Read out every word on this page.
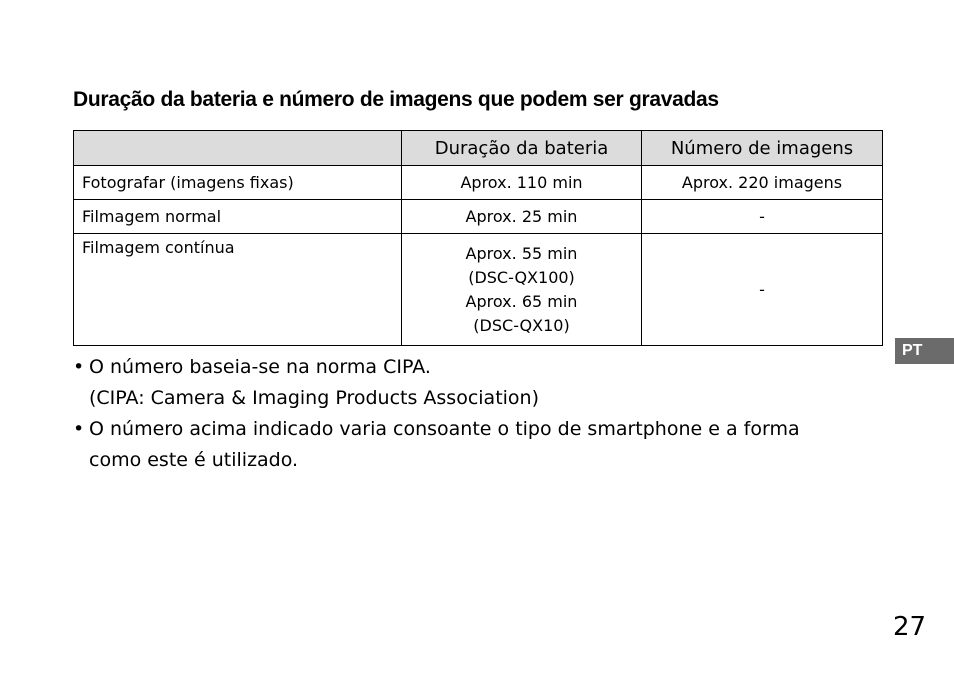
Duração da bateria e número de imagens que podem ser gravadas
	Duração da bateria	Número de imagens
Fotografar (imagens fixas)	Aprox. 110 min	Aprox. 220 imagens
Filmagem normal	Aprox. 25 min	-
Filmagem contínua	Aprox. 55 min
(DSC-QX100)
Aprox. 65 min
(DSC-QX10)	-
• O número baseia-se na norma CIPA.
(CIPA: Camera & Imaging Products Association)
• O número acima indicado varia consoante o tipo de smartphone e a forma
como este é utilizado.
PT
27
